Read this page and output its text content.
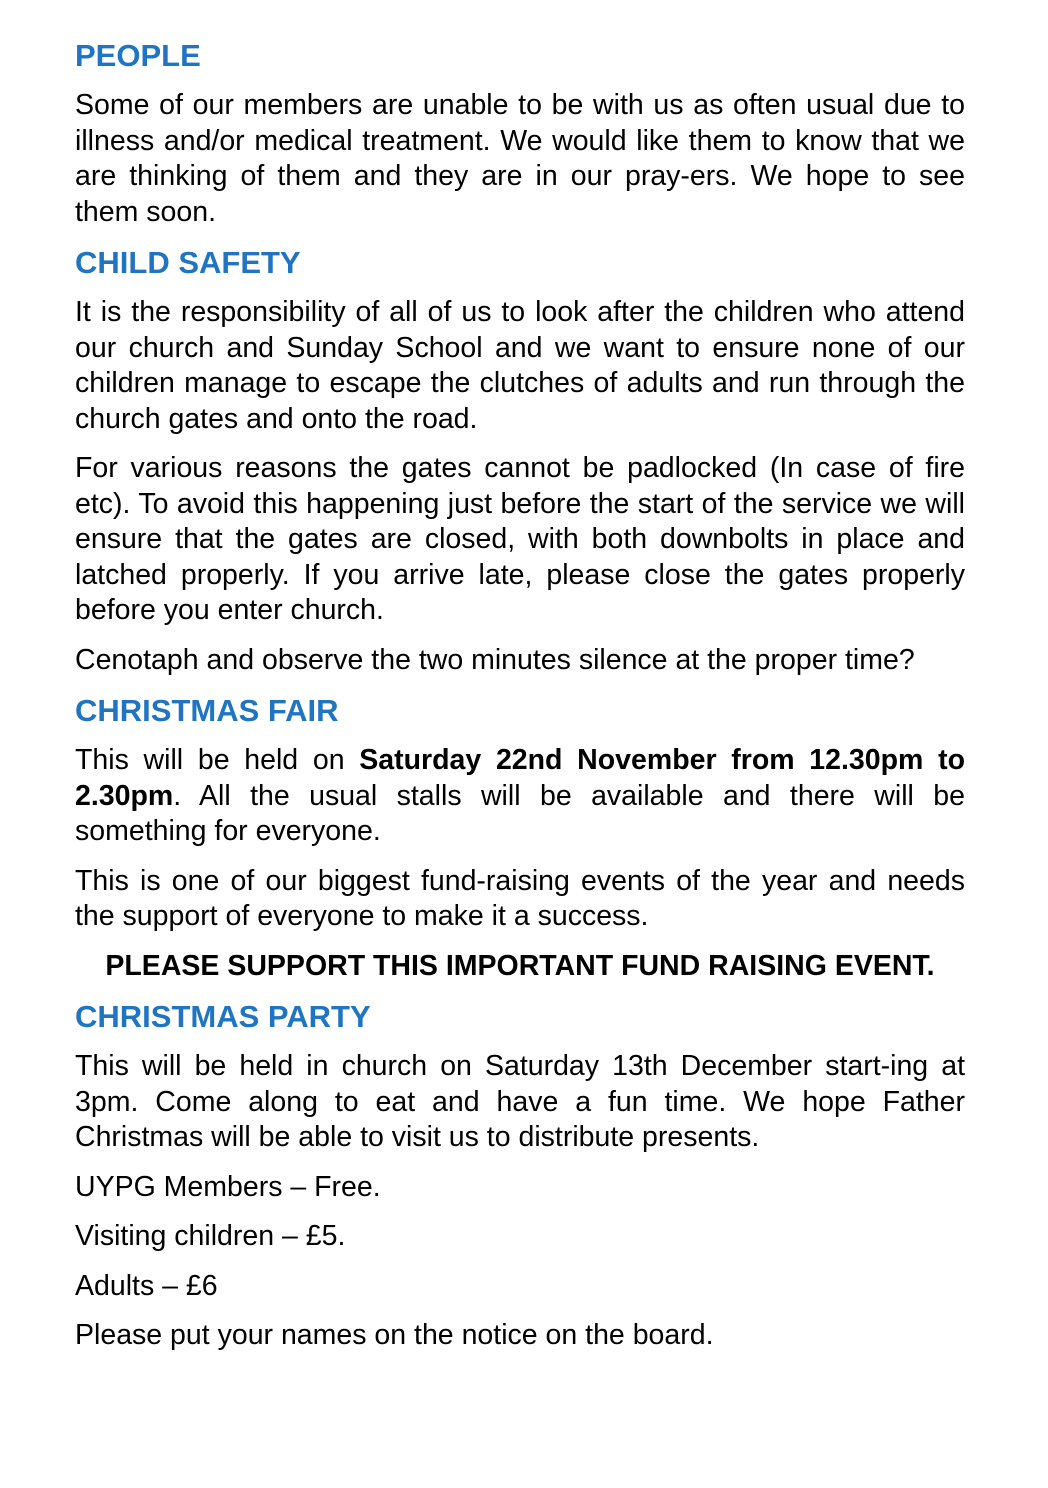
PEOPLE

Some of our members are unable to be with us as often usual due to illness and/or medical treatment. We would like them to know that we are thinking of them and they are in our pray-ers. We hope to see them soon.

CHILD SAFETY

It is the responsibility of all of us to look after the children who attend our church and Sunday School and we want to ensure none of our children manage to escape the clutches of adults and run through the church gates and onto the road.

For various reasons the gates cannot be padlocked (In case of fire etc). To avoid this happening just before the start of the service we will ensure that the gates are closed, with both downbolts in place and latched properly. If you arrive late, please close the gates properly before you enter church.

Cenotaph and observe the two minutes silence at the proper time?

CHRISTMAS FAIR

This will be held on Saturday 22nd November from 12.30pm to 2.30pm. All the usual stalls will be available and there will be something for everyone.

This is one of our biggest fund-raising events of the year and needs the support of everyone to make it a success.

PLEASE SUPPORT THIS IMPORTANT FUND RAISING EVENT.

CHRISTMAS PARTY

This will be held in church on Saturday 13th December start-ing at 3pm. Come along to eat and have a fun time. We hope Father Christmas will be able to visit us to distribute presents.

UYPG Members – Free.

Visiting children – £5.

Adults – £6

Please put your names on the notice on the board.
